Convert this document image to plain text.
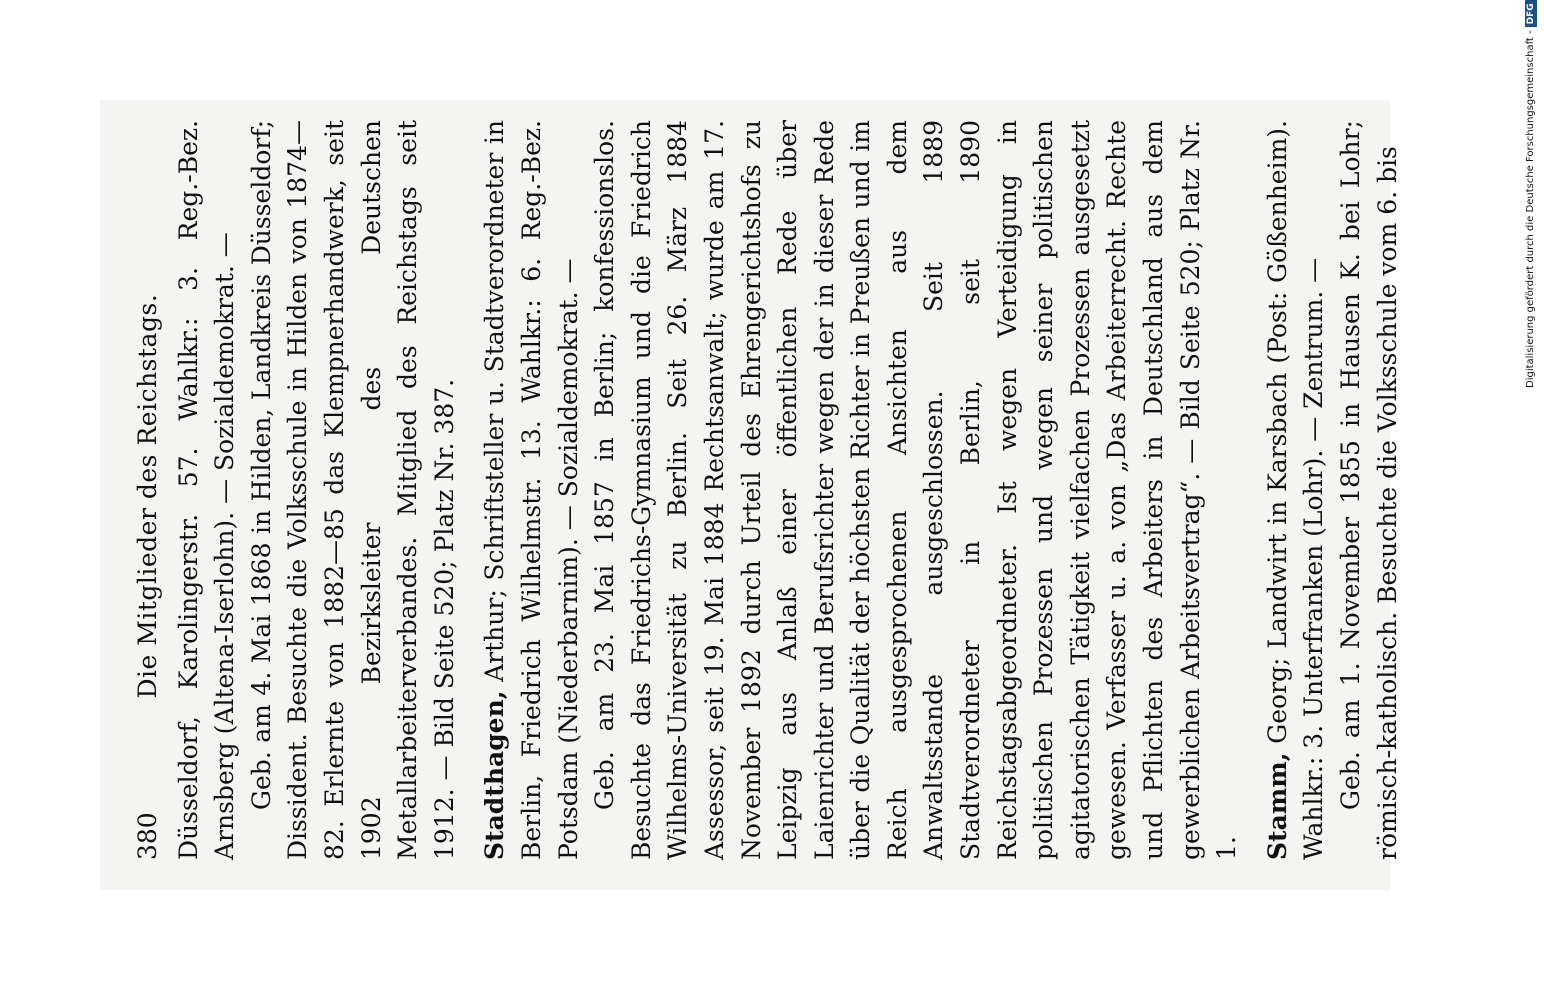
380
Die Mitglieder des Reichstags. Düsseldorf, Karolingerstr. 57. Wahlkr.: 3. Reg.-Bez. Arnsberg (Altena-Iserlohn). — Sozialdemokrat. — Geb. am 4. Mai 1868 in Hilden, Landkreis Düsseldorf; Dissident. Besuchte die Volksschule in Hilden von 1874—82. Erlernte von 1882—85 das Klempnerhandwerk, seit 1902 Bezirksleiter des Deutschen Metallarbeiterverbandes. Mitglied des Reichstags seit 1912. — Bild Seite 520; Platz Nr. 387. Stadthagen, Arthur; Schriftsteller u. Stadtverordneter in Berlin, Friedrich Wilhelmstr. 13. Wahlkr.: 6. Reg.-Bez. Potsdam (Niederbarnim). — Sozialdemokrat. — Geb. am 23. Mai 1857 in Berlin; konfessionslos. Besuchte das Friedrichs-Gymnasium und die Friedrich Wilhelms-Universität zu Berlin. Seit 26. März 1884 Assessor, seit 19. Mai 1884 Rechtsanwalt; wurde am 17. November 1892 durch Urteil des Ehrengerichtshofs zu Leipzig aus Anlaß einer öffentlichen Rede über Laienrichter und Berufsrichter wegen der in dieser Rede über die Qualität der höchsten Richter in Preußen und im Reich ausgesprochenen Ansichten aus dem Anwaltsstande ausgeschlossen. Seit 1889 Stadtverordneter in Berlin, seit 1890 Reichstagsabgeordneter. Ist wegen Verteidigung in politischen Prozessen und wegen seiner politischen agitatorischen Tätigkeit vielfachen Prozessen ausgesetzt gewesen. Verfasser u. a. von „Das Arbeiterrecht. Rechte und Pflichten des Arbeiters in Deutschland aus dem gewerblichen Arbeitsvertrag“. — Bild Seite 520; Platz Nr. 1. Stamm, Georg; Landwirt in Karsbach (Post: Gößenheim). Wahlkr.: 3. Unterfranken (Lohr). — Zentrum. — Geb. am 1. November 1855 in Hausen K. bei Lohr; römisch-katholisch. Besuchte die Volksschule vom 6. bis	Digitalisierung gefördert durch die Deutsche Forschungsgemeinschaft -DFG
